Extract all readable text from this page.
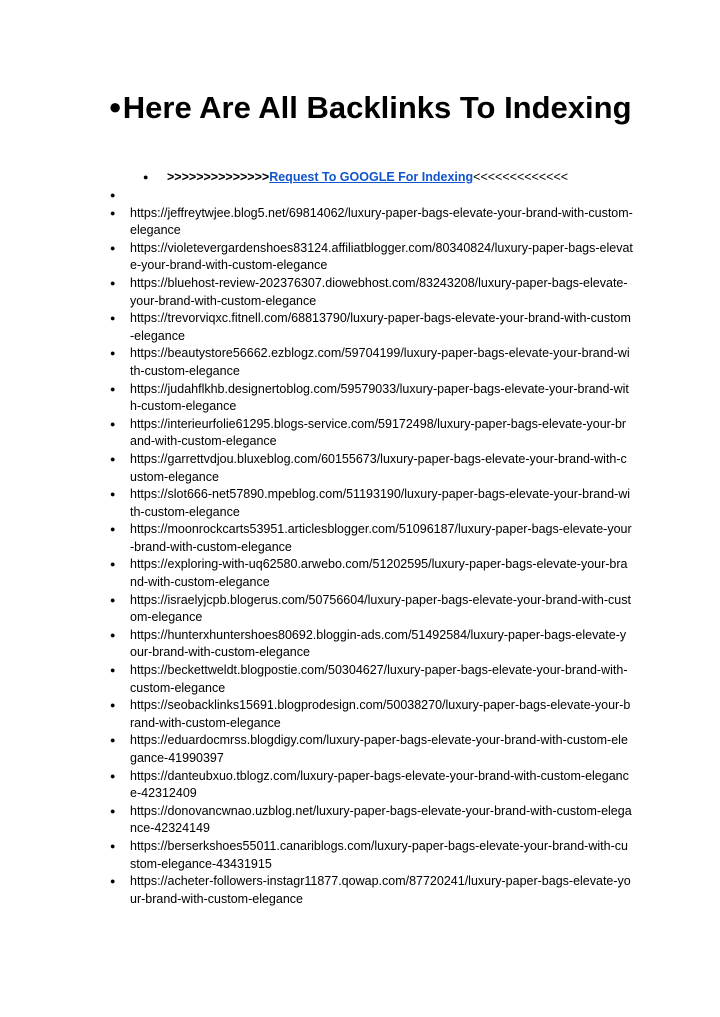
●Here Are All Backlinks To Indexing
● >>>>>>>>>>>>>>Request To GOOGLE For Indexing<<<<<<<<<<<<<
●
● https://jeffreytwjee.blog5.net/69814062/luxury-paper-bags-elevate-your-brand-with-custom-elegance
● https://violetevergardenshoes83124.affiliatblogger.com/80340824/luxury-paper-bags-elevate-your-brand-with-custom-elegance
● https://bluehost-review-202376307.diowebhost.com/83243208/luxury-paper-bags-elevate-your-brand-with-custom-elegance
● https://trevorviqxc.fitnell.com/68813790/luxury-paper-bags-elevate-your-brand-with-custom-elegance
● https://beautystore56662.ezblogz.com/59704199/luxury-paper-bags-elevate-your-brand-with-custom-elegance
● https://judahflkhb.designertoblog.com/59579033/luxury-paper-bags-elevate-your-brand-with-custom-elegance
● https://interieurfolie61295.blogs-service.com/59172498/luxury-paper-bags-elevate-your-brand-with-custom-elegance
● https://garrettvdjou.bluxeblog.com/60155673/luxury-paper-bags-elevate-your-brand-with-custom-elegance
● https://slot666-net57890.mpeblog.com/51193190/luxury-paper-bags-elevate-your-brand-with-custom-elegance
● https://moonrockcarts53951.articlesblogger.com/51096187/luxury-paper-bags-elevate-your-brand-with-custom-elegance
● https://exploring-with-uq62580.arwebo.com/51202595/luxury-paper-bags-elevate-your-brand-with-custom-elegance
● https://israelyjcpb.blogerus.com/50756604/luxury-paper-bags-elevate-your-brand-with-custom-elegance
● https://hunterxhuntershoes80692.bloggin-ads.com/51492584/luxury-paper-bags-elevate-your-brand-with-custom-elegance
● https://beckettweldt.blogpostie.com/50304627/luxury-paper-bags-elevate-your-brand-with-custom-elegance
● https://seobacklinks15691.blogprodesign.com/50038270/luxury-paper-bags-elevate-your-brand-with-custom-elegance
● https://eduardocmrss.blogdigy.com/luxury-paper-bags-elevate-your-brand-with-custom-elegance-41990397
● https://danteubxuo.tblogz.com/luxury-paper-bags-elevate-your-brand-with-custom-elegance-42312409
● https://donovancwnao.uzblog.net/luxury-paper-bags-elevate-your-brand-with-custom-elegance-42324149
● https://berserkshoes55011.canariblogs.com/luxury-paper-bags-elevate-your-brand-with-custom-elegance-43431915
● https://acheter-followers-instagr11877.qowap.com/87720241/luxury-paper-bags-elevate-your-brand-with-custom-elegance
